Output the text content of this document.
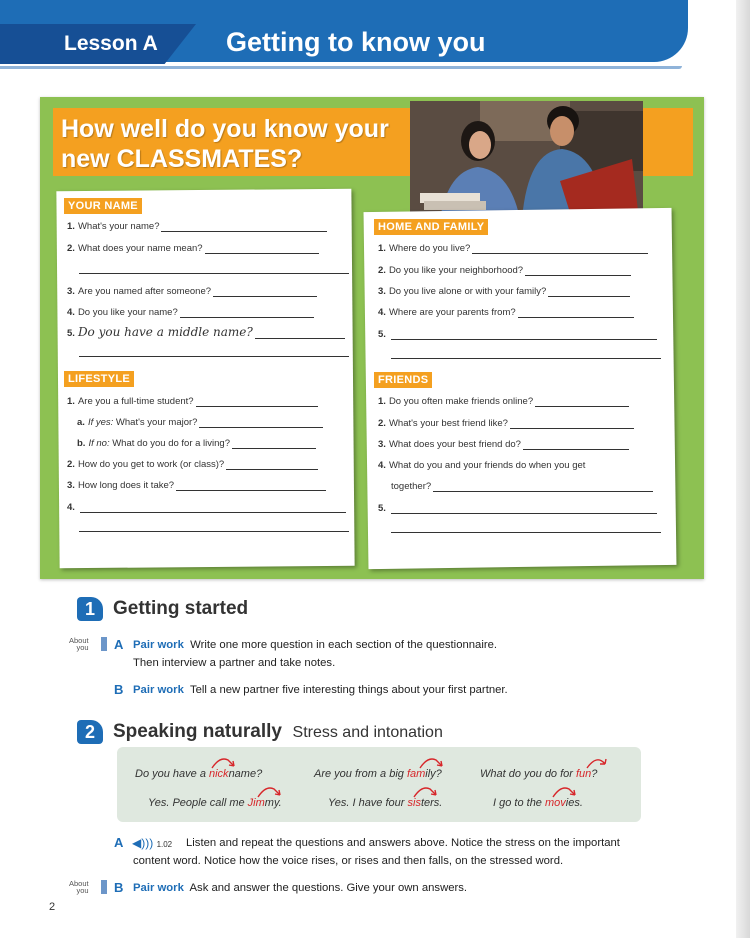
Lesson A	Getting to know you
How well do you know your
new CLASSMATES?
YOUR NAME
1. What's your name?
2. What does your name mean?
3. Are you named after someone?
4. Do you like your name?
5. Do you have a middle name?
LIFESTYLE
1. Are you a full-time student?
a. If yes:
What's your major?
b. If no:
What do you do for a living?
2. How do you get to work (or class)?
3. How long does it take?
4.
HOME AND FAMILY
1. Where do you live?
2. Do you like your neighborhood?
3. Do you live alone or with your family?
4. Where are your parents from?
5.
FRIENDS
1. Do you often make friends online?
2. What's your best friend like?
3. What does your best friend do?
4. What do you and your friends do when you get
together?
5.
1 Getting started
About
you A Pair work Write one more question in each section of the questionnaire.
Then interview a partner and take notes.
B Pair work Tell a new partner five interesting things about your first partner.
2 Speaking naturally Stress and intonation
Do you have a nickname?	Are you from a big family?	What do you do for fun?
Yes. People call me Jimmy.	Yes. I have four sisters.	I go to the movies.
A ◀))) 1.02 Listen and repeat the questions and answers above. Notice the stress on the important
content word. Notice how the voice rises, or rises and then falls, on the stressed word.
About
you B Pair work Ask and answer the questions. Give your own answers.
2
